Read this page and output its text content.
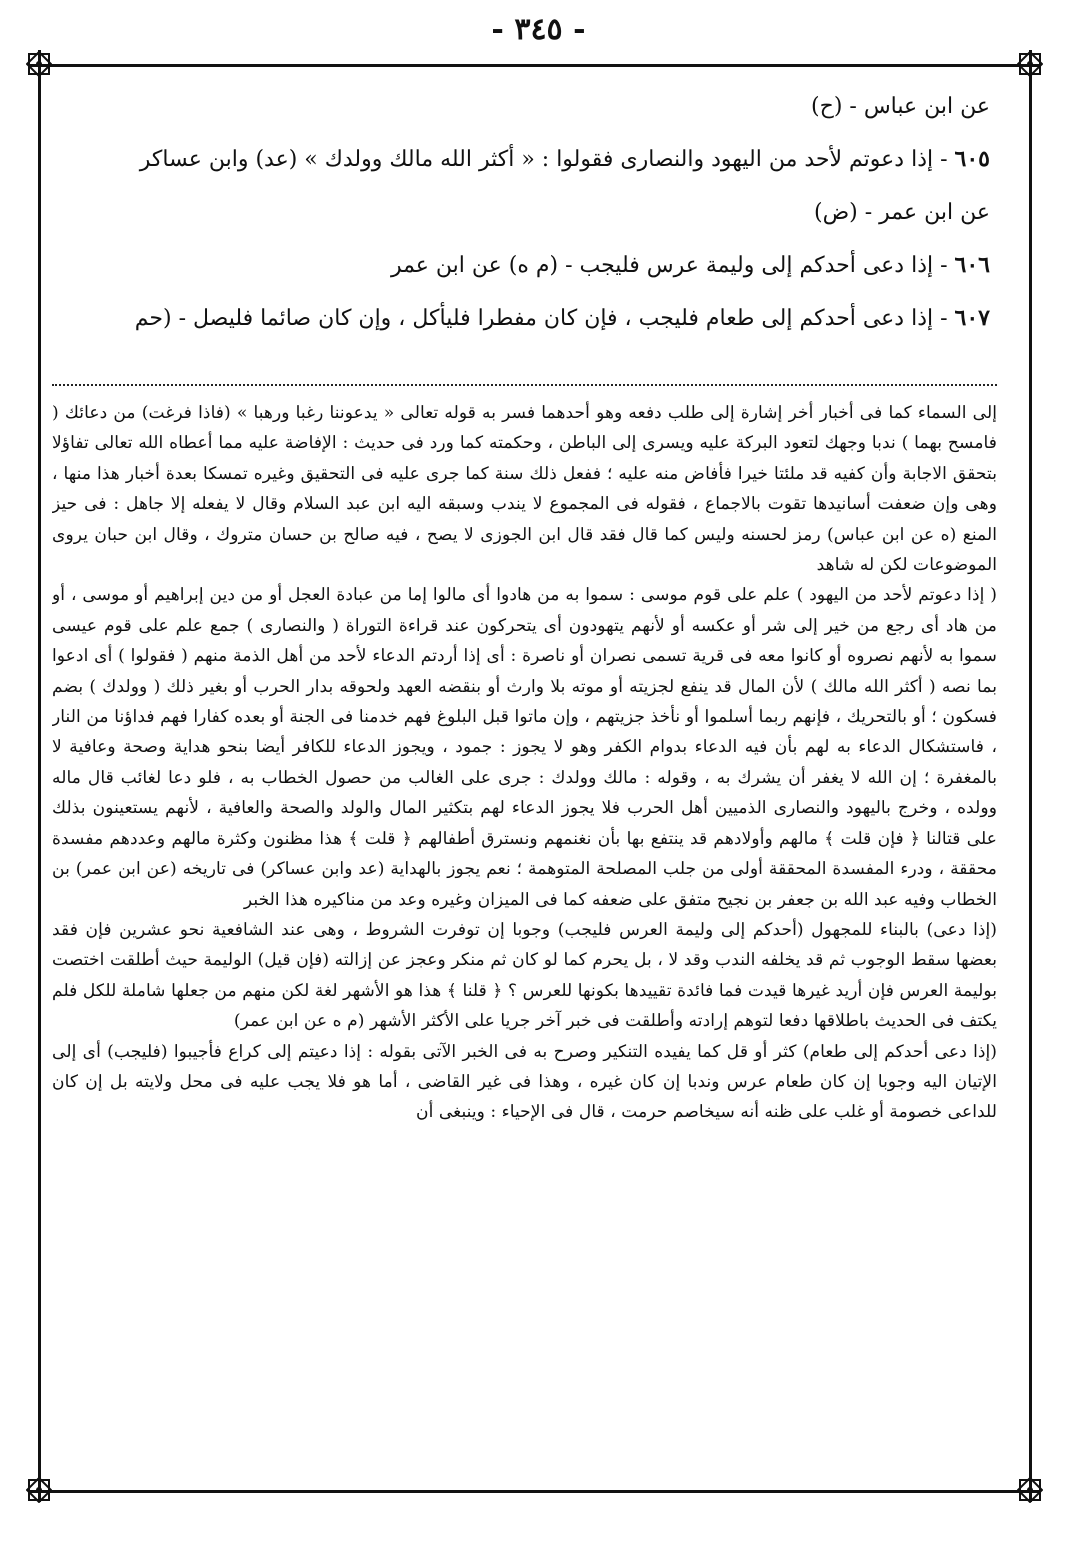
- ٣٤٥ -

عن ابن عباس - (ح)

٦٠٥ - إذا دعوتم لأحد من اليهود والنصارى فقولوا : « أكثر الله مالك وولدك » (عد) وابن عساكر

عن ابن عمر - (ض)

٦٠٦ - إذا دعى أحدكم إلى وليمة عرس فليجب - (م ه) عن ابن عمر

٦٠٧ - إذا دعى أحدكم إلى طعام فليجب ، فإن كان مفطرا فليأكل ، وإن كان صائما فليصل - (حم

إلى السماء كما فى أخبار أخر إشارة إلى طلب دفعه وهو أحدهما فسر به قوله تعالى « يدعوننا رغبا ورهبا » (فاذا فرغت) من دعائك ( فامسح بهما ) ندبا وجهك لتعود البركة عليه ويسرى إلى الباطن ، وحكمته كما ورد فى حديث : الإفاضة عليه مما أعطاه الله تعالى تفاؤلا بتحقق الاجابة وأن كفيه قد ملئتا خيرا فأفاض منه عليه ؛ ففعل ذلك سنة كما جرى عليه فى التحقيق وغيره تمسكا بعدة أخبار هذا منها ، وهى وإن ضعفت أسانيدها تقوت بالاجماع ، فقوله فى المجموع لا يندب وسبقه اليه ابن عبد السلام وقال لا يفعله إلا جاهل : فى حيز المنع (ه عن ابن عباس) رمز لحسنه وليس كما قال فقد قال ابن الجوزى لا يصح ، فيه صالح بن حسان متروك ، وقال ابن حبان يروى الموضوعات لكن له شاهد

( إذا دعوتم لأحد من اليهود ) علم على قوم موسى : سموا به من هادوا أى مالوا إما من عبادة العجل أو من دين إبراهيم أو موسى ، أو من هاد أى رجع من خير إلى شر أو عكسه أو لأنهم يتهودون أى يتحركون عند قراءة التوراة ( والنصارى ) جمع علم على قوم عيسى سموا به لأنهم نصروه أو كانوا معه فى قرية تسمى نصران أو ناصرة : أى إذا أردتم الدعاء لأحد من أهل الذمة منهم ( فقولوا ) أى ادعوا بما نصه ( أكثر الله مالك ) لأن المال قد ينفع لجزيته أو موته بلا وارث أو بنقضه العهد ولحوقه بدار الحرب أو بغير ذلك ( وولدك ) بضم فسكون ؛ أو بالتحريك ، فإنهم ربما أسلموا أو نأخذ جزيتهم ، وإن ماتوا قبل البلوغ فهم خدمنا فى الجنة أو بعده كفارا فهم فداؤنا من النار ، فاستشكال الدعاء به لهم بأن فيه الدعاء بدوام الكفر وهو لا يجوز : جمود ، ويجوز الدعاء للكافر أيضا بنحو هداية وصحة وعافية لا بالمغفرة ؛ إن الله لا يغفر أن يشرك به ، وقوله : مالك وولدك : جرى على الغالب من حصول الخطاب به ، فلو دعا لغائب قال ماله وولده ، وخرج باليهود والنصارى الذميين أهل الحرب فلا يجوز الدعاء لهم بتكثير المال والولد والصحة والعافية ، لأنهم يستعينون بذلك على قتالنا ﴿ فإن قلت ﴾ مالهم وأولادهم قد ينتفع بها بأن نغنمهم ونسترق أطفالهم ﴿ قلت ﴾ هذا مظنون وكثرة مالهم وعددهم مفسدة محققة ، ودرء المفسدة المحققة أولى من جلب المصلحة المتوهمة ؛ نعم يجوز بالهداية (عد وابن عساكر) فى تاريخه (عن ابن عمر) بن الخطاب وفيه عبد الله بن جعفر بن نجيح متفق على ضعفه كما فى الميزان وغيره وعد من مناكيره هذا الخبر

(إذا دعى) بالبناء للمجهول (أحدكم إلى وليمة العرس فليجب) وجوبا إن توفرت الشروط ، وهى عند الشافعية نحو عشرين فإن فقد بعضها سقط الوجوب ثم قد يخلفه الندب وقد لا ، بل يحرم كما لو كان ثم منكر وعجز عن إزالته (فإن قيل) الوليمة حيث أطلقت اختصت بوليمة العرس فإن أريد غيرها قيدت فما فائدة تقييدها بكونها للعرس ؟ ﴿ قلنا ﴾ هذا هو الأشهر لغة لكن منهم من جعلها شاملة للكل فلم يكتف فى الحديث باطلاقها دفعا لتوهم إرادته وأطلقت فى خبر آخر جريا على الأكثر الأشهر (م ه عن ابن عمر)

(إذا دعى أحدكم إلى طعام) كثر أو قل كما يفيده التنكير وصرح به فى الخبر الآتى بقوله : إذا دعيتم إلى كراع فأجيبوا (فليجب) أى إلى الإتيان اليه وجوبا إن كان طعام عرس وندبا إن كان غيره ، وهذا فى غير القاضى ، أما هو فلا يجب عليه فى محل ولايته بل إن كان للداعى خصومة أو غلب على ظنه أنه سيخاصم حرمت ، قال فى الإحياء : وينبغى أن
